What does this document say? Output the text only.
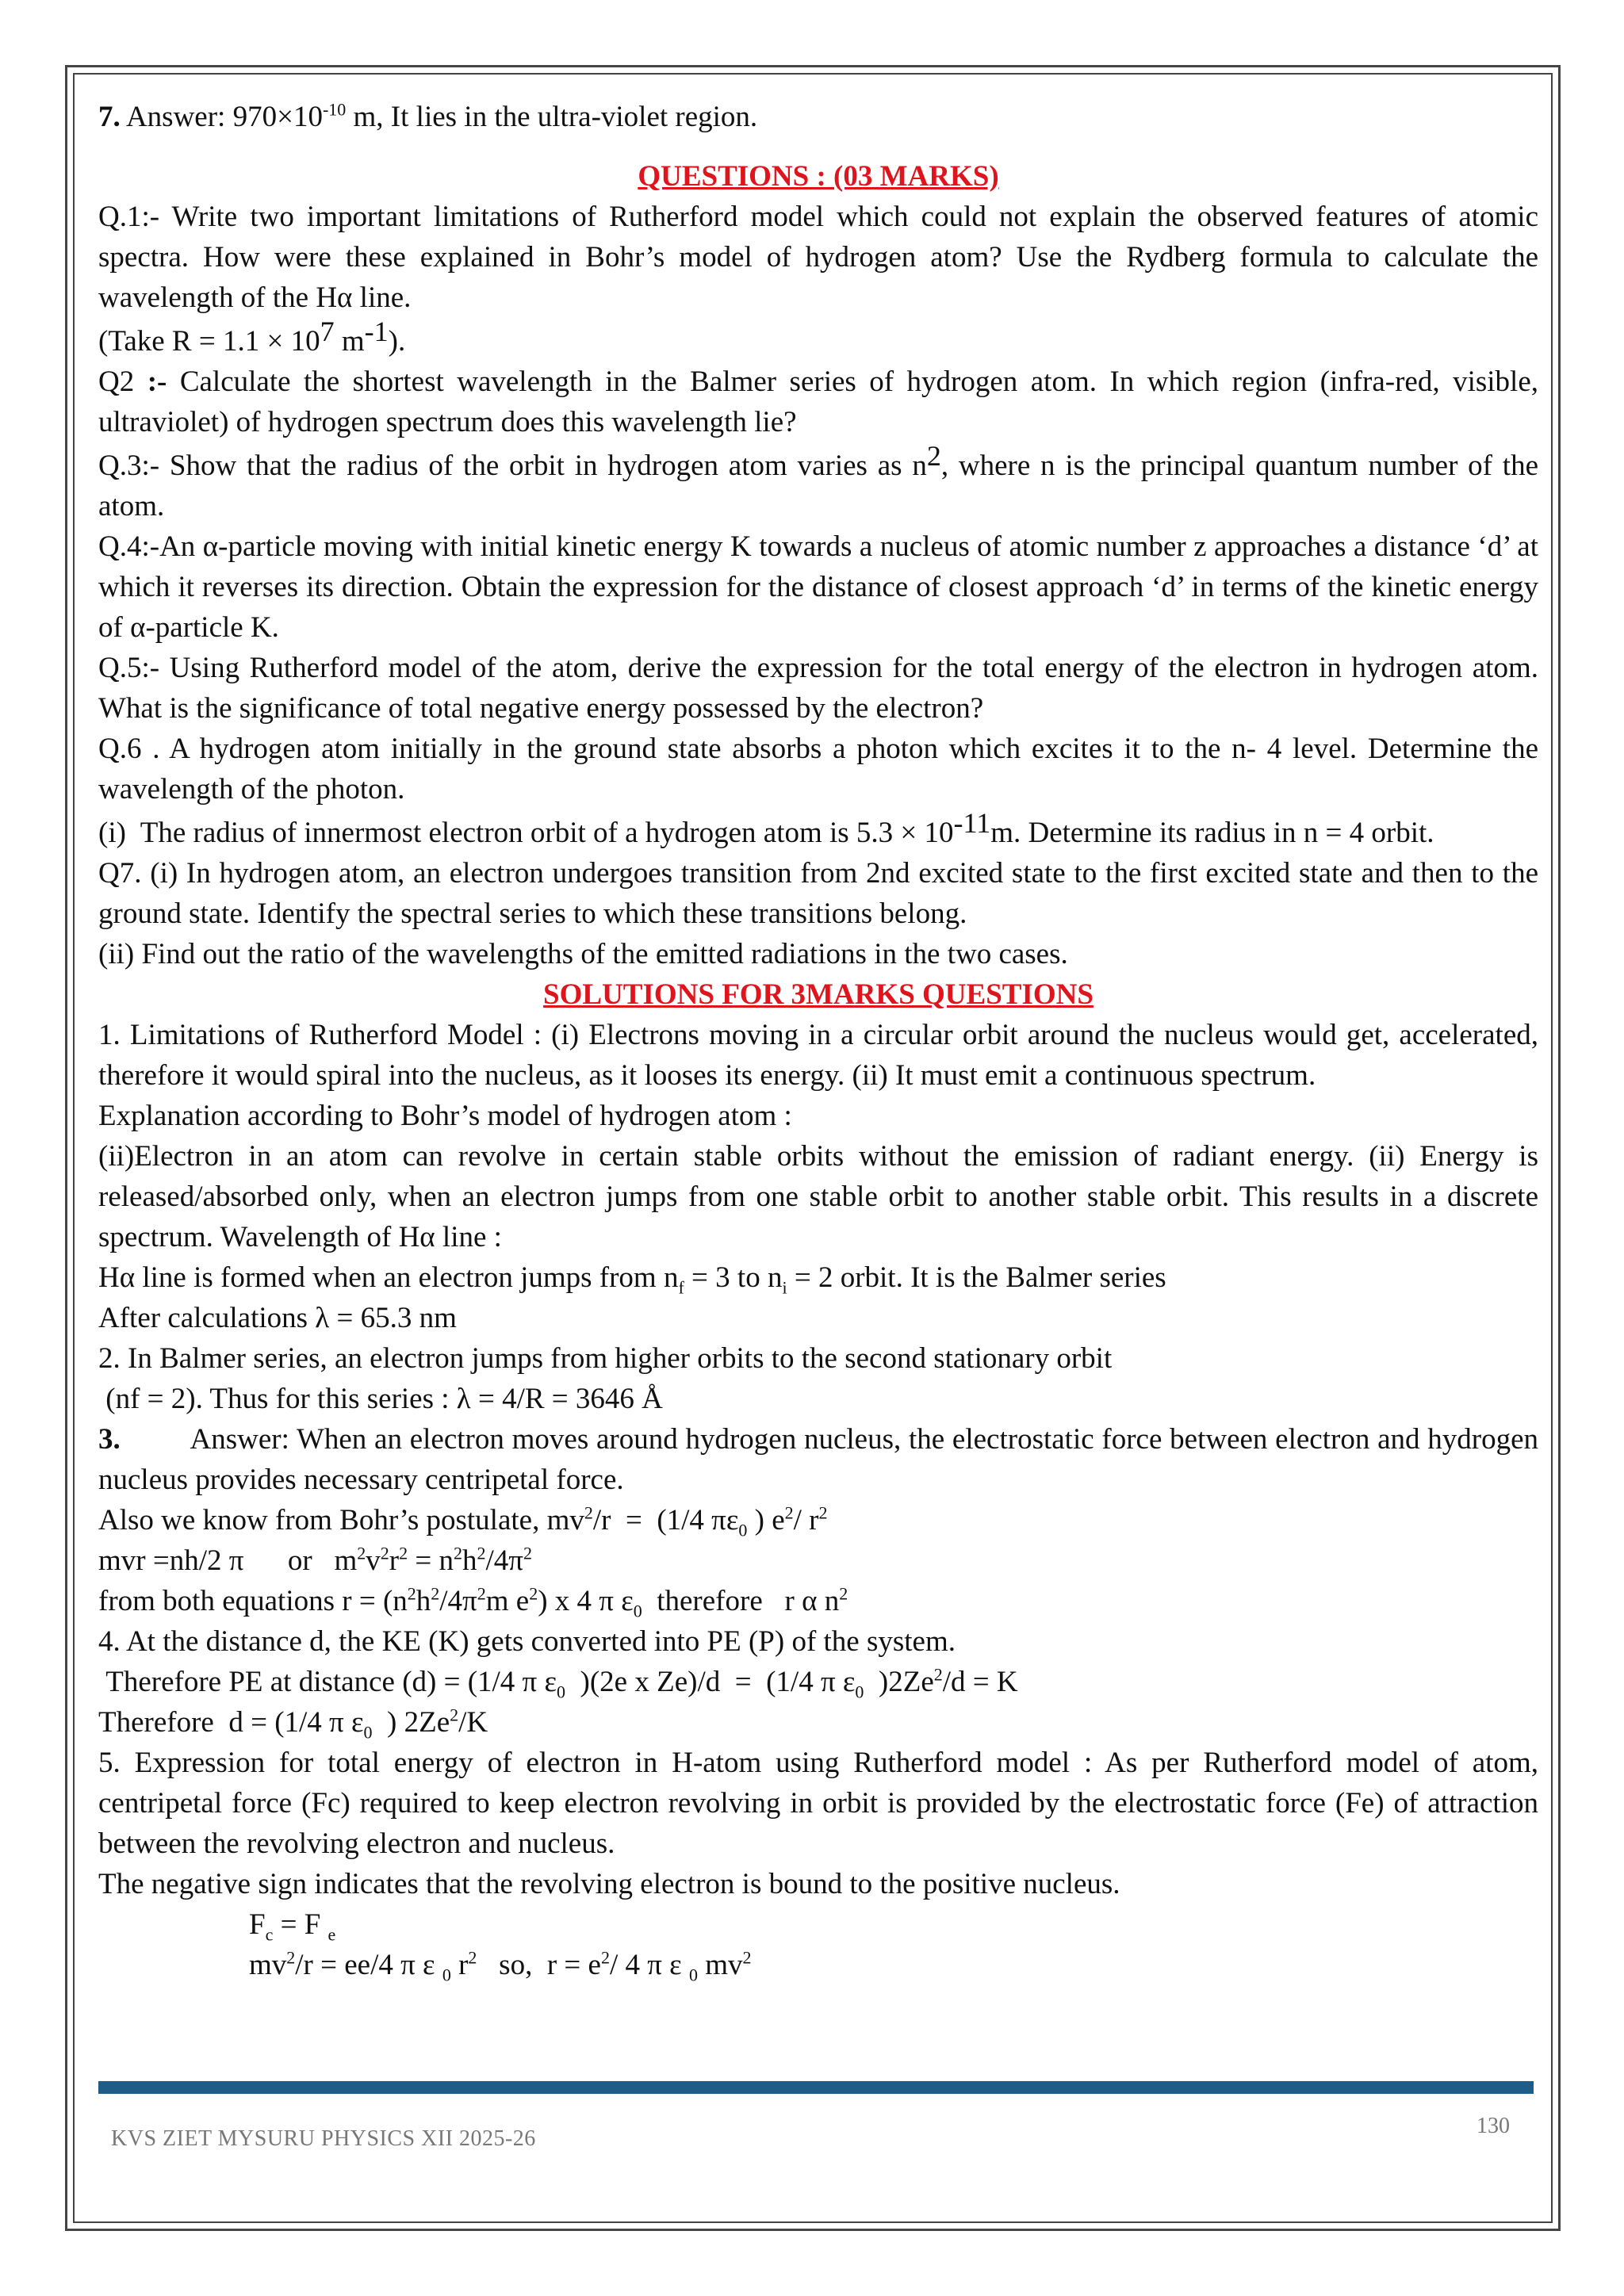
7. Answer: $970\times 10^{-10}$ m, It lies in the ultra-violet region.

QUESTIONS : (03 MARKS)

Q.1:- Write two important limitations of Rutherford model which could not explain the observed features of atomic spectra. How were these explained in Bohr’s model of hydrogen atom? Use the Rydberg formula to calculate the wavelength of the Hα line.

(Take R = 1.1 × 107 m-1).

Q2 :- Calculate the shortest wavelength in the Balmer series of hydrogen atom. In which region (infra-red, visible, ultraviolet) of hydrogen spectrum does this wavelength lie?

Q.3:- Show that the radius of the orbit in hydrogen atom varies as n2, where n is the principal quantum number of the atom.

Q.4:-An α-particle moving with initial kinetic energy K towards a nucleus of atomic number z approaches a distance ‘d’ at which it reverses its direction. Obtain the expression for the distance of closest approach ‘d’ in terms of the kinetic energy of α-particle K.

Q.5:- Using Rutherford model of the atom, derive the expression for the total energy of the electron in hydrogen atom. What is the significance of total negative energy possessed by the electron?

Q.6 . A hydrogen atom initially in the ground state absorbs a photon which excites it to the n- 4 level. Determine the wavelength of the photon.

(i)  The radius of innermost electron orbit of a hydrogen atom is 5.3 × 10-11m. Determine its radius in n = 4 orbit.

Q7. (i) In hydrogen atom, an electron undergoes transition from 2nd excited state to the first excited state and then to the ground state. Identify the spectral series to which these transitions belong.

(ii) Find out the ratio of the wavelengths of the emitted radiations in the two cases.

SOLUTIONS FOR 3MARKS QUESTIONS

1. Limitations of Rutherford Model : (i) Electrons moving in a circular orbit around the nucleus would get, accelerated, therefore it would spiral into the nucleus, as it looses its energy. (ii) It must emit a continuous spectrum.

Explanation according to Bohr’s model of hydrogen atom :

(ii)Electron in an atom can revolve in certain stable orbits without the emission of radiant energy. (ii) Energy is released/absorbed only, when an electron jumps from one stable orbit to another stable orbit. This results in a discrete spectrum. Wavelength of Hα line :

Hα line is formed when an electron jumps from $n_f = 3$ to $n_i = 2$ orbit. It is the Balmer series

After calculations λ = 65.3 nm

2. In Balmer series, an electron jumps from higher orbits to the second stationary orbit

(nf = 2). Thus for this series : λ = 4/R = 3646 Å

3.         Answer: When an electron moves around hydrogen nucleus, the electrostatic force between electron and hydrogen nucleus provides necessary centripetal force.

Also we know from Bohr’s postulate, $mv^2/r = (1/4$ $\pi\varepsilon_0$ ) $e^2/$ $r^2$

mvr =nh/2 π      or   $m^2v^2r^2 = n^2h^2/4\pi^2$

from both equations $r = (n^2h^2/4\pi^2m$ $e^2$) x 4 π $\varepsilon_0$  therefore   r α $n^2$

4. At the distance d, the KE (K) gets converted into PE (P) of the system.

Therefore PE at distance (d) = (1/4 π $\varepsilon_0$  )(2e x Ze)/d  =  (1/4 π $\varepsilon_0$  )$2Ze^2/d = K$

Therefore  d = (1/4 π $\varepsilon_0$  ) 2Ze$^2$/K

5. Expression for total energy of electron in H-atom using Rutherford model : As per Rutherford model of atom, centripetal force (Fc) required to keep electron revolving in orbit is provided by the electrostatic force (Fe) of attraction between the revolving electron and nucleus.

The negative sign indicates that the revolving electron is bound to the positive nucleus.

$F_c = F$ $_e$

$mv^2/r = ee/4$ π ε $_0$ $r^2$   so,  $r = e^2/$ 4 π ε $_0$ $mv^2$

KVS ZIET MYSURU PHYSICS XII 2025-26
130
